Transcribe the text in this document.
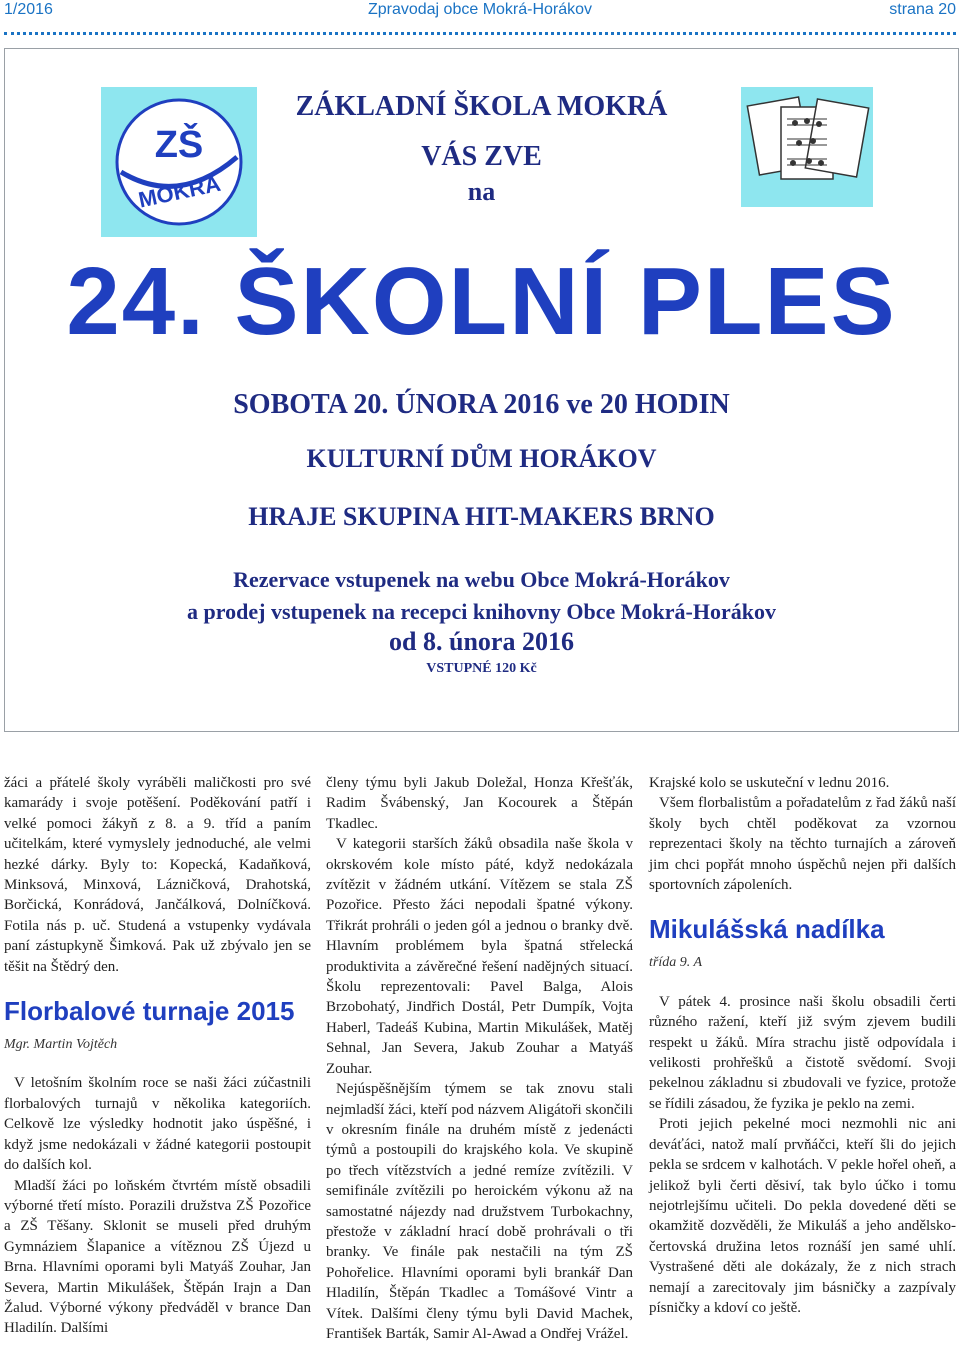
1/2016	Zpravodaj obce Mokrá-Horákov	strana 20
ZŠ
MOKRÁ
ZÁKLADNÍ ŠKOLA MOKRÁ
VÁS ZVE
na
24. ŠKOLNÍ PLES
SOBOTA 20. ÚNORA 2016 ve 20 HODIN
KULTURNÍ DŮM HORÁKOV
HRAJE SKUPINA HIT-MAKERS BRNO
Rezervace vstupenek na webu Obce Mokrá-Horákov
a prodej vstupenek na recepci knihovny Obce Mokrá-Horákov
od 8. února 2016
VSTUPNÉ 120 Kč

žáci a přátelé školy vyráběli maličkosti pro své kamarády i svoje potěšení. Poděkování patří i velké pomoci žákyň z 8. a 9. tříd a paním učitelkám, které vymyslely jednoduché, ale velmi hezké dárky. Byly to: Kopecká, Kadaňková, Minksová, Minxová, Lázničková, Drahotská, Borčická, Konrádová, Jančálková, Dolníčková. Fotila nás p. uč. Studená a vstupenky vydávala paní zástupkyně Šimková. Pak už zbývalo jen se těšit na Štědrý den.

Florbalové turnaje 2015
Mgr. Martin Vojtěch

V letošním školním roce se naši žáci zúčastnili florbalových turnajů v několika kategoriích. Celkově lze výsledky hodnotit jako úspěšné, i když jsme nedokázali v žádné kategorii postoupit do dalších kol.

Mladší žáci po loňském čtvrtém místě obsadili výborné třetí místo. Porazili družstva ZŠ Pozořice a ZŠ Těšany. Sklonit se museli před druhým Gymnáziem Šlapanice a vítěznou ZŠ Újezd u Brna. Hlavními oporami byli Matyáš Zouhar, Jan Severa, Martin Mikulášek, Štěpán Irajn a Dan Žalud. Výborné výkony předváděl v brance Dan Hladilín. Dalšími

členy týmu byli Jakub Doležal, Honza Křešťák, Radim Švábenský, Jan Kocourek a Štěpán Tkadlec.

V kategorii starších žáků obsadila naše škola v okrskovém kole místo páté, když nedokázala zvítězit v žádném utkání. Vítězem se stala ZŠ Pozořice. Přesto žáci nepodali špatné výkony. Třikrát prohráli o jeden gól a jednou o branky dvě. Hlavním problémem byla špatná střelecká produktivita a závěrečné řešení nadějných situací. Školu reprezentovali: Pavel Balga, Alois Brzobohatý, Jindřich Dostál, Petr Dumpík, Vojta Haberl, Tadeáš Kubina, Martin Mikulášek, Matěj Sehnal, Jan Severa, Jakub Zouhar a Matyáš Zouhar.

Nejúspěšnějším týmem se tak znovu stali nejmladší žáci, kteří pod názvem Aligátoři skončili v okresním finále na druhém místě z jedenácti týmů a postoupili do krajského kola. Ve skupině po třech vítězstvích a jedné remíze zvítězili. V semifinále zvítězili po heroickém výkonu až na samostatné nájezdy nad družstvem Turbokachny, přestože v základní hrací době prohrávali o tři branky. Ve finále pak nestačili na tým ZŠ Pohořelice. Hlavními oporami byli brankář Dan Hladilín, Štěpán Tkadlec a Tomášové Vintr a Vítek. Dalšími členy týmu byli David Machek, František Barták, Samir Al-Awad a Ondřej Vrážel.

Krajské kolo se uskuteční v lednu 2016.

Všem florbalistům a pořadatelům z řad žáků naší školy bych chtěl poděkovat za vzornou reprezentaci školy na těchto turnajích a zároveň jim chci popřát mnoho úspěchů nejen při dalších sportovních zápoleních.

Mikulášská nadílka
třída 9. A

V pátek 4. prosince naši školu obsadili čerti různého ražení, kteří již svým zjevem budili respekt u žáků. Míra strachu jistě odpovídala i velikosti prohřešků a čistotě svědomí. Svoji pekelnou základnu si zbudovali ve fyzice, protože se řídili zásadou, že fyzika je peklo na zemi.

Proti jejich pekelné moci nezmohli nic ani deváťáci, natož malí prvňáčci, kteří šli do jejich pekla se srdcem v kalhotách. V pekle hořel oheň, a jelikož byli čerti děsiví, tak bylo účko i tomu nejotrlejšímu učiteli. Do pekla dovedené děti se okamžitě dozvěděli, že Mikuláš a jeho andělsko-čertovská družina letos roznáší jen samé uhlí. Vystrašené děti ale dokázaly, že z nich strach nemají a zarecitovaly jim básničky a zazpívaly písničky a kdoví co ještě.
